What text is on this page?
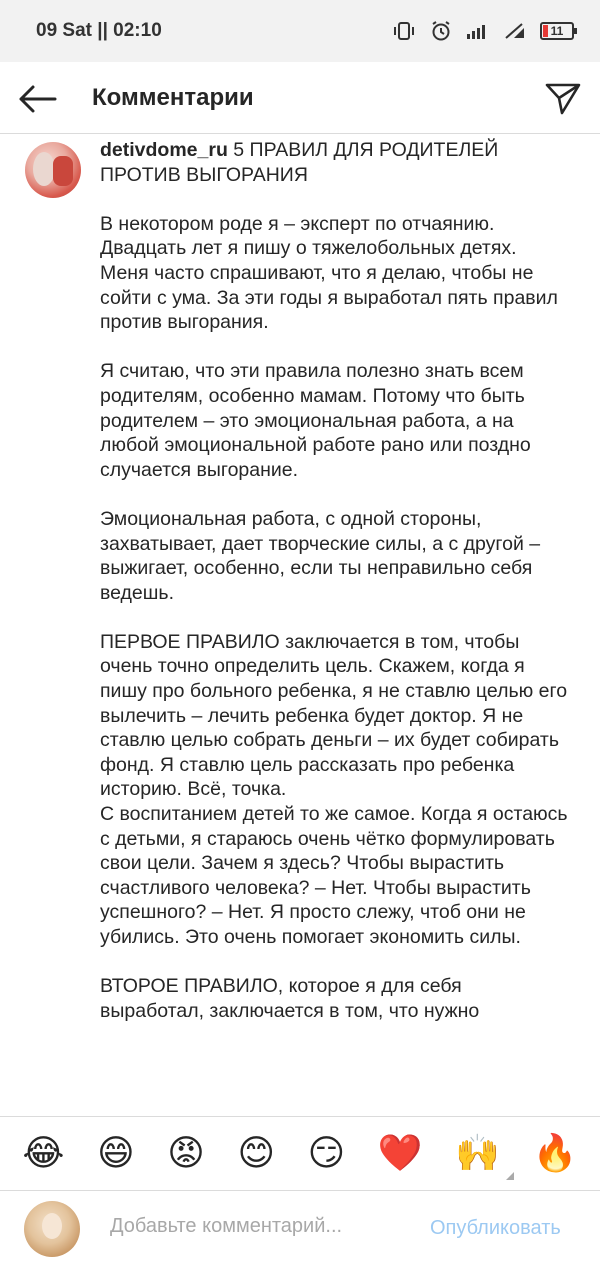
09 Sat || 02:10	11
Комментарии
detivdome_ru 5 ПРАВИЛ ДЛЯ РОДИТЕЛЕЙ ПРОТИВ ВЫГОРАНИЯ
В некотором роде я – эксперт по отчаянию. Двадцать лет я пишу о тяжелобольных детях. Меня часто спрашивают, что я делаю, чтобы не сойти с ума. За эти годы я выработал пять правил против выгорания.
Я считаю, что эти правила полезно знать всем родителям, особенно мамам. Потому что быть родителем – это эмоциональная работа, а на любой эмоциональной работе рано или поздно случается выгорание.
Эмоциональная работа, с одной стороны, захватывает, дает творческие силы, а с другой – выжигает, особенно, если ты неправильно себя ведешь.
ПЕРВОЕ ПРАВИЛО заключается в том, чтобы очень точно определить цель. Скажем, когда я пишу про больного ребенка, я не ставлю целью его вылечить – лечить ребенка будет доктор. Я не ставлю целью собрать деньги – их будет собирать фонд. Я ставлю цель рассказать про ребенка историю. Всё, точка.
С воспитанием детей то же самое. Когда я остаюсь с детьми, я стараюсь очень чётко формулировать свои цели. Зачем я здесь? Чтобы вырастить счастливого человека? – Нет. Чтобы вырастить успешного? – Нет. Я просто слежу, чтоб они не убились. Это очень помогает экономить силы.
ВТОРОЕ ПРАВИЛО, которое я для себя выработал, заключается в том, что нужно
😂 😄 😡 😊 😏 ❤️ 🙌 🔥
Добавьте комментарий...
Опубликовать
